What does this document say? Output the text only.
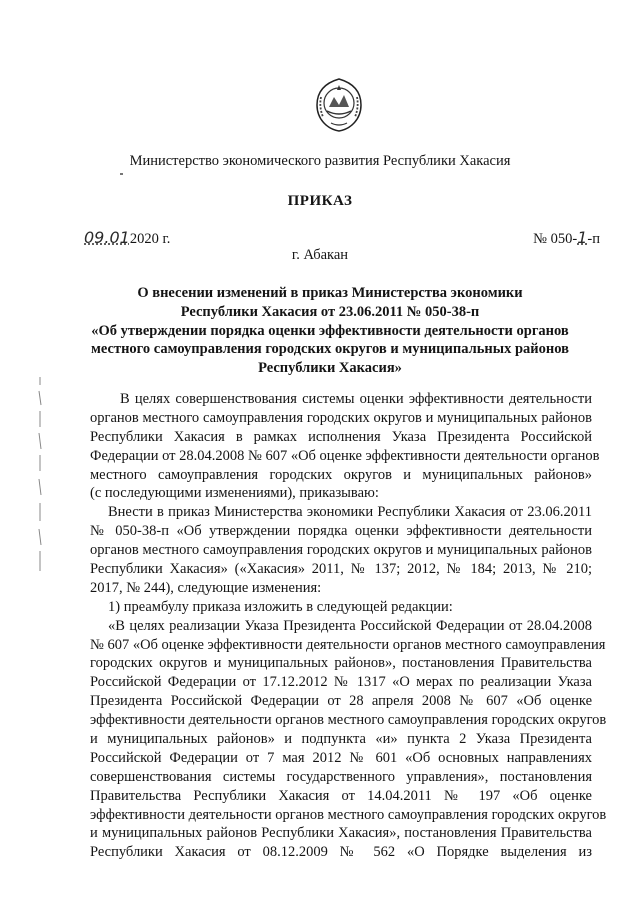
Министерство экономического развития Республики Хакасия
ПРИКАЗ
09.012020 г.	№ 050-1-п
г. Абакан
О внесении изменений в приказ Министерства экономики
Республики Хакасия от 23.06.2011 № 050-38-п
«Об утверждении порядка оценки эффективности деятельности органов
местного самоуправления городских округов и муниципальных районов
Республики Хакасия»
В целях совершенствования системы оценки эффективности деятельности
органов местного самоуправления городских округов и муниципальных районов
Республики Хакасия в рамках исполнения Указа Президента Российской
Федерации от 28.04.2008 № 607 «Об оценке эффективности деятельности органов
местного самоуправления городских округов и муниципальных районов»
(с последующими изменениями), приказываю:
Внести в приказ Министерства экономики Республики Хакасия от 23.06.2011
№ 050-38-п «Об утверждении порядка оценки эффективности деятельности
органов местного самоуправления городских округов и муниципальных районов
Республики Хакасия» («Хакасия» 2011, № 137; 2012, № 184; 2013, № 210;
2017, № 244), следующие изменения:
1) преамбулу приказа изложить в следующей редакции:
«В целях реализации Указа Президента Российской Федерации от 28.04.2008
№ 607 «Об оценке эффективности деятельности органов местного самоуправления
городских округов и муниципальных районов», постановления Правительства
Российской Федерации от 17.12.2012 № 1317 «О мерах по реализации Указа
Президента Российской Федерации от 28 апреля 2008 № 607 «Об оценке
эффективности деятельности органов местного самоуправления городских округов
и муниципальных районов» и подпункта «и» пункта 2 Указа Президента
Российской Федерации от 7 мая 2012 № 601 «Об основных направлениях
совершенствования системы государственного управления», постановления
Правительства Республики Хакасия от 14.04.2011 № 197 «Об оценке
эффективности деятельности органов местного самоуправления городских округов
и муниципальных районов Республики Хакасия», постановления Правительства
Республики Хакасия от 08.12.2009 № 562 «О Порядке выделения из
